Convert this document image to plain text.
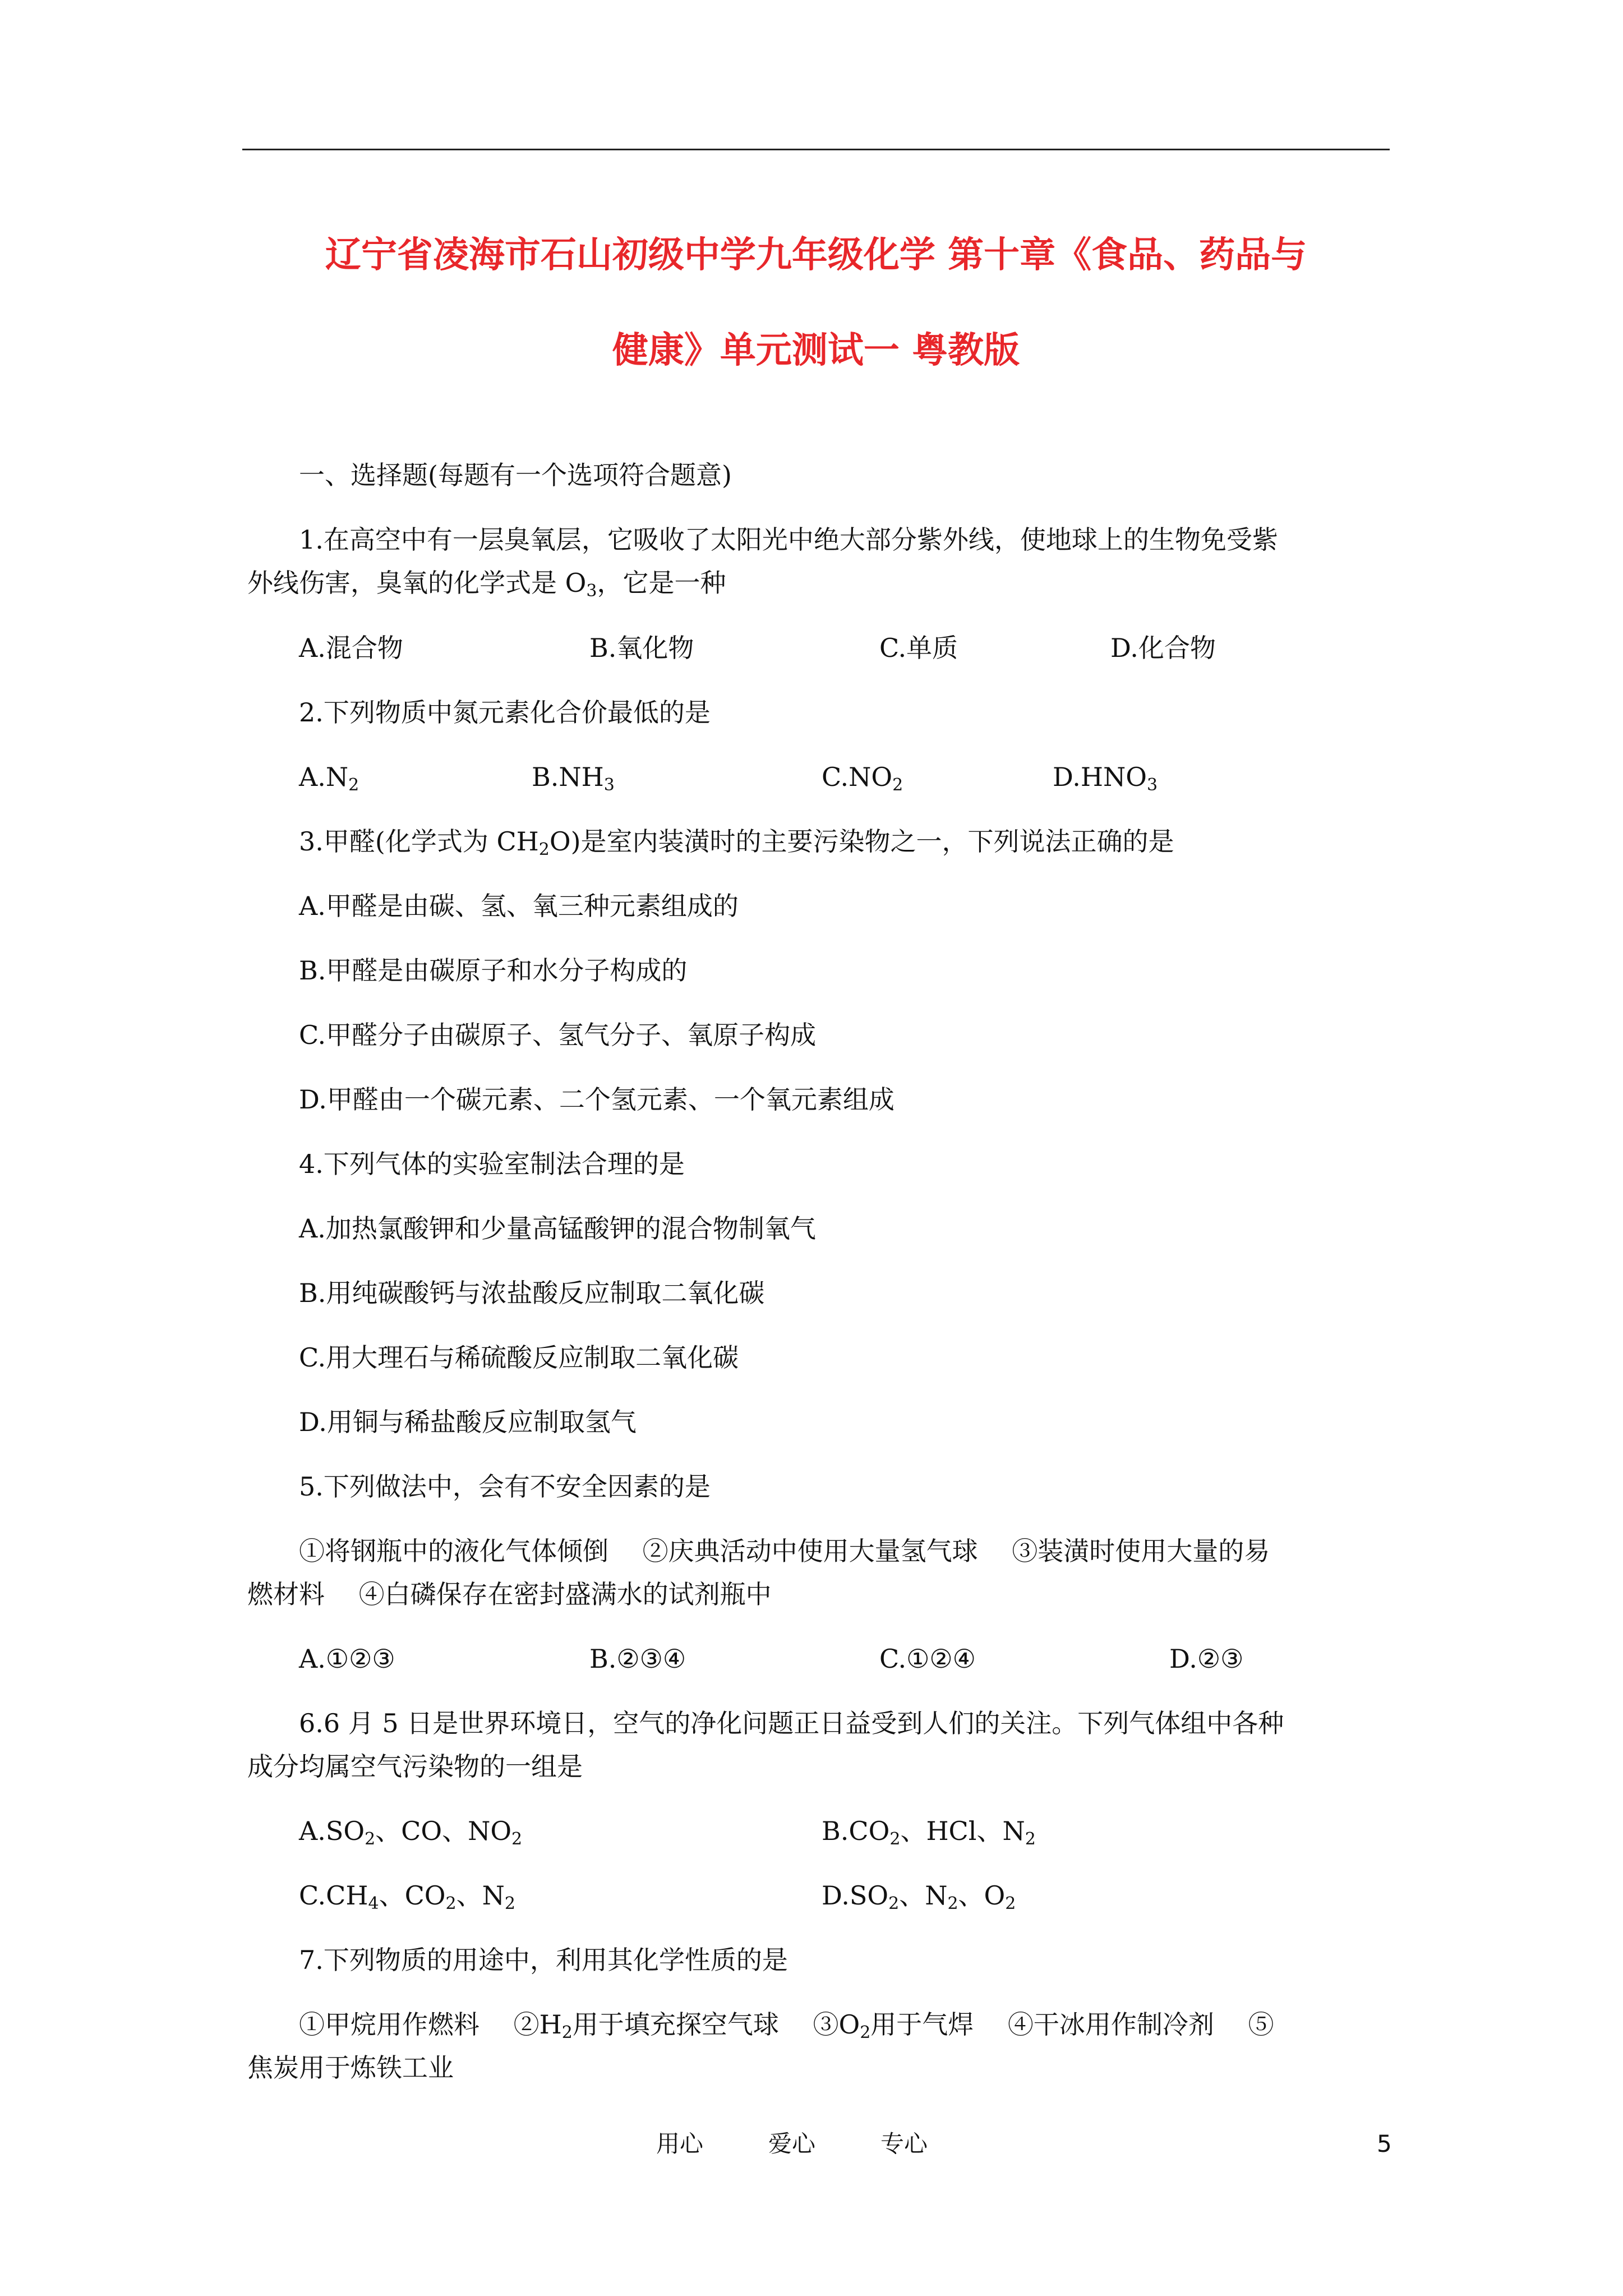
辽宁省凌海市石山初级中学九年级化学 第十章《食品、药品与
健康》单元测试一 粤教版
一、选择题(每题有一个选项符合题意)
1.在高空中有一层臭氧层，它吸收了太阳光中绝大部分紫外线，使地球上的生物免受紫
外线伤害，臭氧的化学式是 $O_3$，它是一种
A.混合物	B.氧化物	C.单质	D.化合物
2.下列物质中氮元素化合价最低的是
$A.N_2$	$B.NH_3$	$C.NO_2$	$D.HNO_3$
3.甲醛(化学式为 $CH_2O$)是室内装潢时的主要污染物之一，下列说法正确的是
A.甲醛是由碳、氢、氧三种元素组成的
B.甲醛是由碳原子和水分子构成的
C.甲醛分子由碳原子、氢气分子、氧原子构成
D.甲醛由一个碳元素、二个氢元素、一个氧元素组成
4.下列气体的实验室制法合理的是
A.加热氯酸钾和少量高锰酸钾的混合物制氧气
B.用纯碳酸钙与浓盐酸反应制取二氧化碳
C.用大理石与稀硫酸反应制取二氧化碳
D.用铜与稀盐酸反应制取氢气
5.下列做法中，会有不安全因素的是
①将钢瓶中的液化气体倾倒　 ②庆典活动中使用大量氢气球　 ③装潢时使用大量的易
燃材料　 ④白磷保存在密封盛满水的试剂瓶中
A.①②③	B.②③④	C.①②④	D.②③
6.6 月 5 日是世界环境日，空气的净化问题正日益受到人们的关注。下列气体组中各种
成分均属空气污染物的一组是
$A.SO_2$、CO、$NO_2$	$B.CO_2$、HCl、$N_2$
$C.CH_4$、$CO_2$、$N_2$	$D.SO_2$、$N_2$、$O_2$
7.下列物质的用途中，利用其化学性质的是
①甲烷用作燃料　 $②H_2$用于填充探空气球　 $③O_2$用于气焊　 ④干冰用作制冷剂　 ⑤
焦炭用于炼铁工业
用心	爱心	专心	5
